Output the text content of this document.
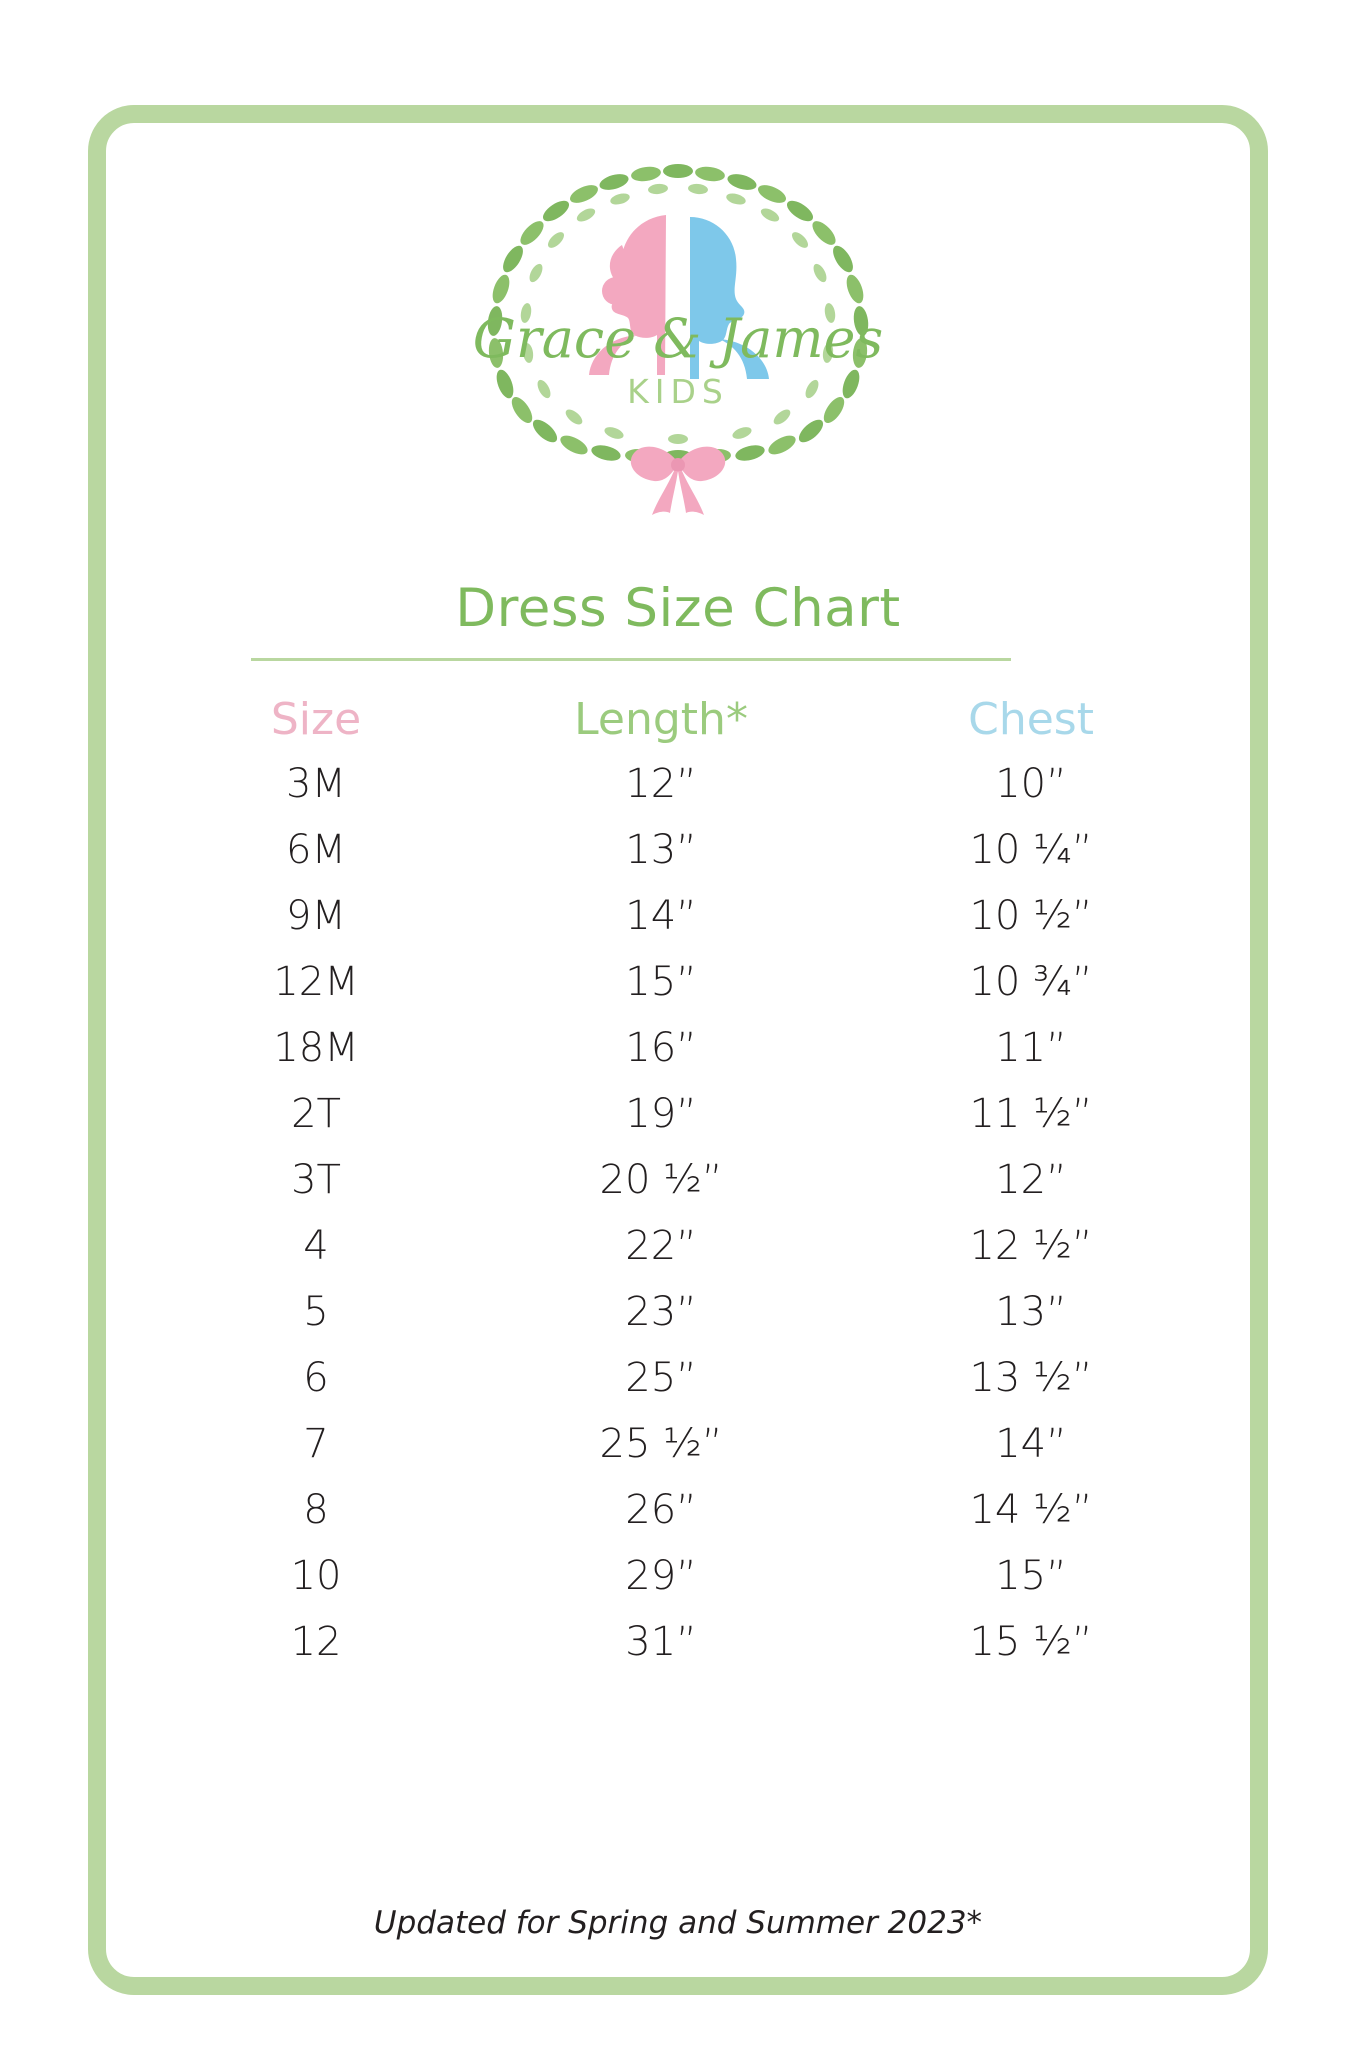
Grace & James
KIDS
Dress Size Chart
Size	Length*	Chest
3M	12”	10”
6M	13”	10 ¼”
9M	14”	10 ½”
12M	15”	10 ¾”
18M	16”	11”
2T	19”	11 ½”
3T	20 ½”	12”
4	22”	12 ½”
5	23”	13”
6	25”	13 ½”
7	25 ½”	14”
8	26”	14 ½”
10	29”	15”
12	31”	15 ½”
Updated for Spring and Summer 2023*
